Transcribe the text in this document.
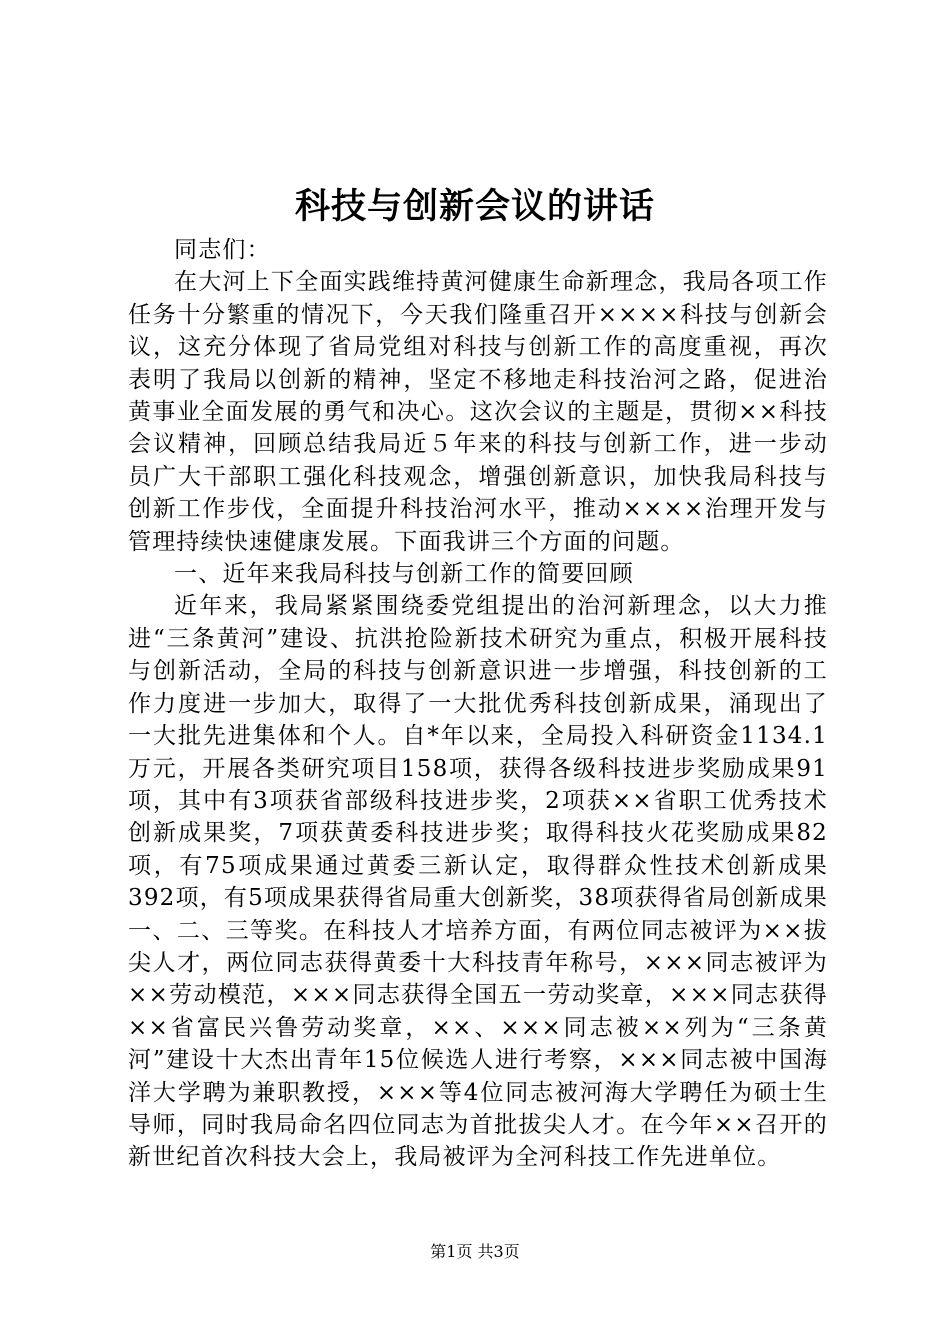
科技与创新会议的讲话

同志们：

在大河上下全面实践维持黄河健康生命新理念，我局各项工作任务十分繁重的情况下，今天我们隆重召开××××科技与创新会议，这充分体现了省局党组对科技与创新工作的高度重视，再次表明了我局以创新的精神，坚定不移地走科技治河之路，促进治黄事业全面发展的勇气和决心。这次会议的主题是，贯彻××科技会议精神，回顾总结我局近５年来的科技与创新工作，进一步动员广大干部职工强化科技观念，增强创新意识，加快我局科技与创新工作步伐，全面提升科技治河水平，推动××××治理开发与管理持续快速健康发展。下面我讲三个方面的问题。

一、近年来我局科技与创新工作的简要回顾

近年来，我局紧紧围绕委党组提出的治河新理念，以大力推进“三条黄河”建设、抗洪抢险新技术研究为重点，积极开展科技与创新活动，全局的科技与创新意识进一步增强，科技创新的工作力度进一步加大，取得了一大批优秀科技创新成果，涌现出了一大批先进集体和个人。自*年以来，全局投入科研资金1134.1万元，开展各类研究项目158项，获得各级科技进步奖励成果91项，其中有3项获省部级科技进步奖，2项获××省职工优秀技术创新成果奖，7项获黄委科技进步奖；取得科技火花奖励成果82项，有75项成果通过黄委三新认定，取得群众性技术创新成果392项，有5项成果获得省局重大创新奖，38项获得省局创新成果一、二、三等奖。在科技人才培养方面，有两位同志被评为××拔尖人才，两位同志获得黄委十大科技青年称号，×××同志被评为××劳动模范，×××同志获得全国五一劳动奖章，×××同志获得××省富民兴鲁劳动奖章，××、×××同志被××列为“三条黄河”建设十大杰出青年15位候选人进行考察，×××同志被中国海洋大学聘为兼职教授，×××等4位同志被河海大学聘任为硕士生导师，同时我局命名四位同志为首批拔尖人才。在今年××召开的新世纪首次科技大会上，我局被评为全河科技工作先进单位。

第1页 共3页
